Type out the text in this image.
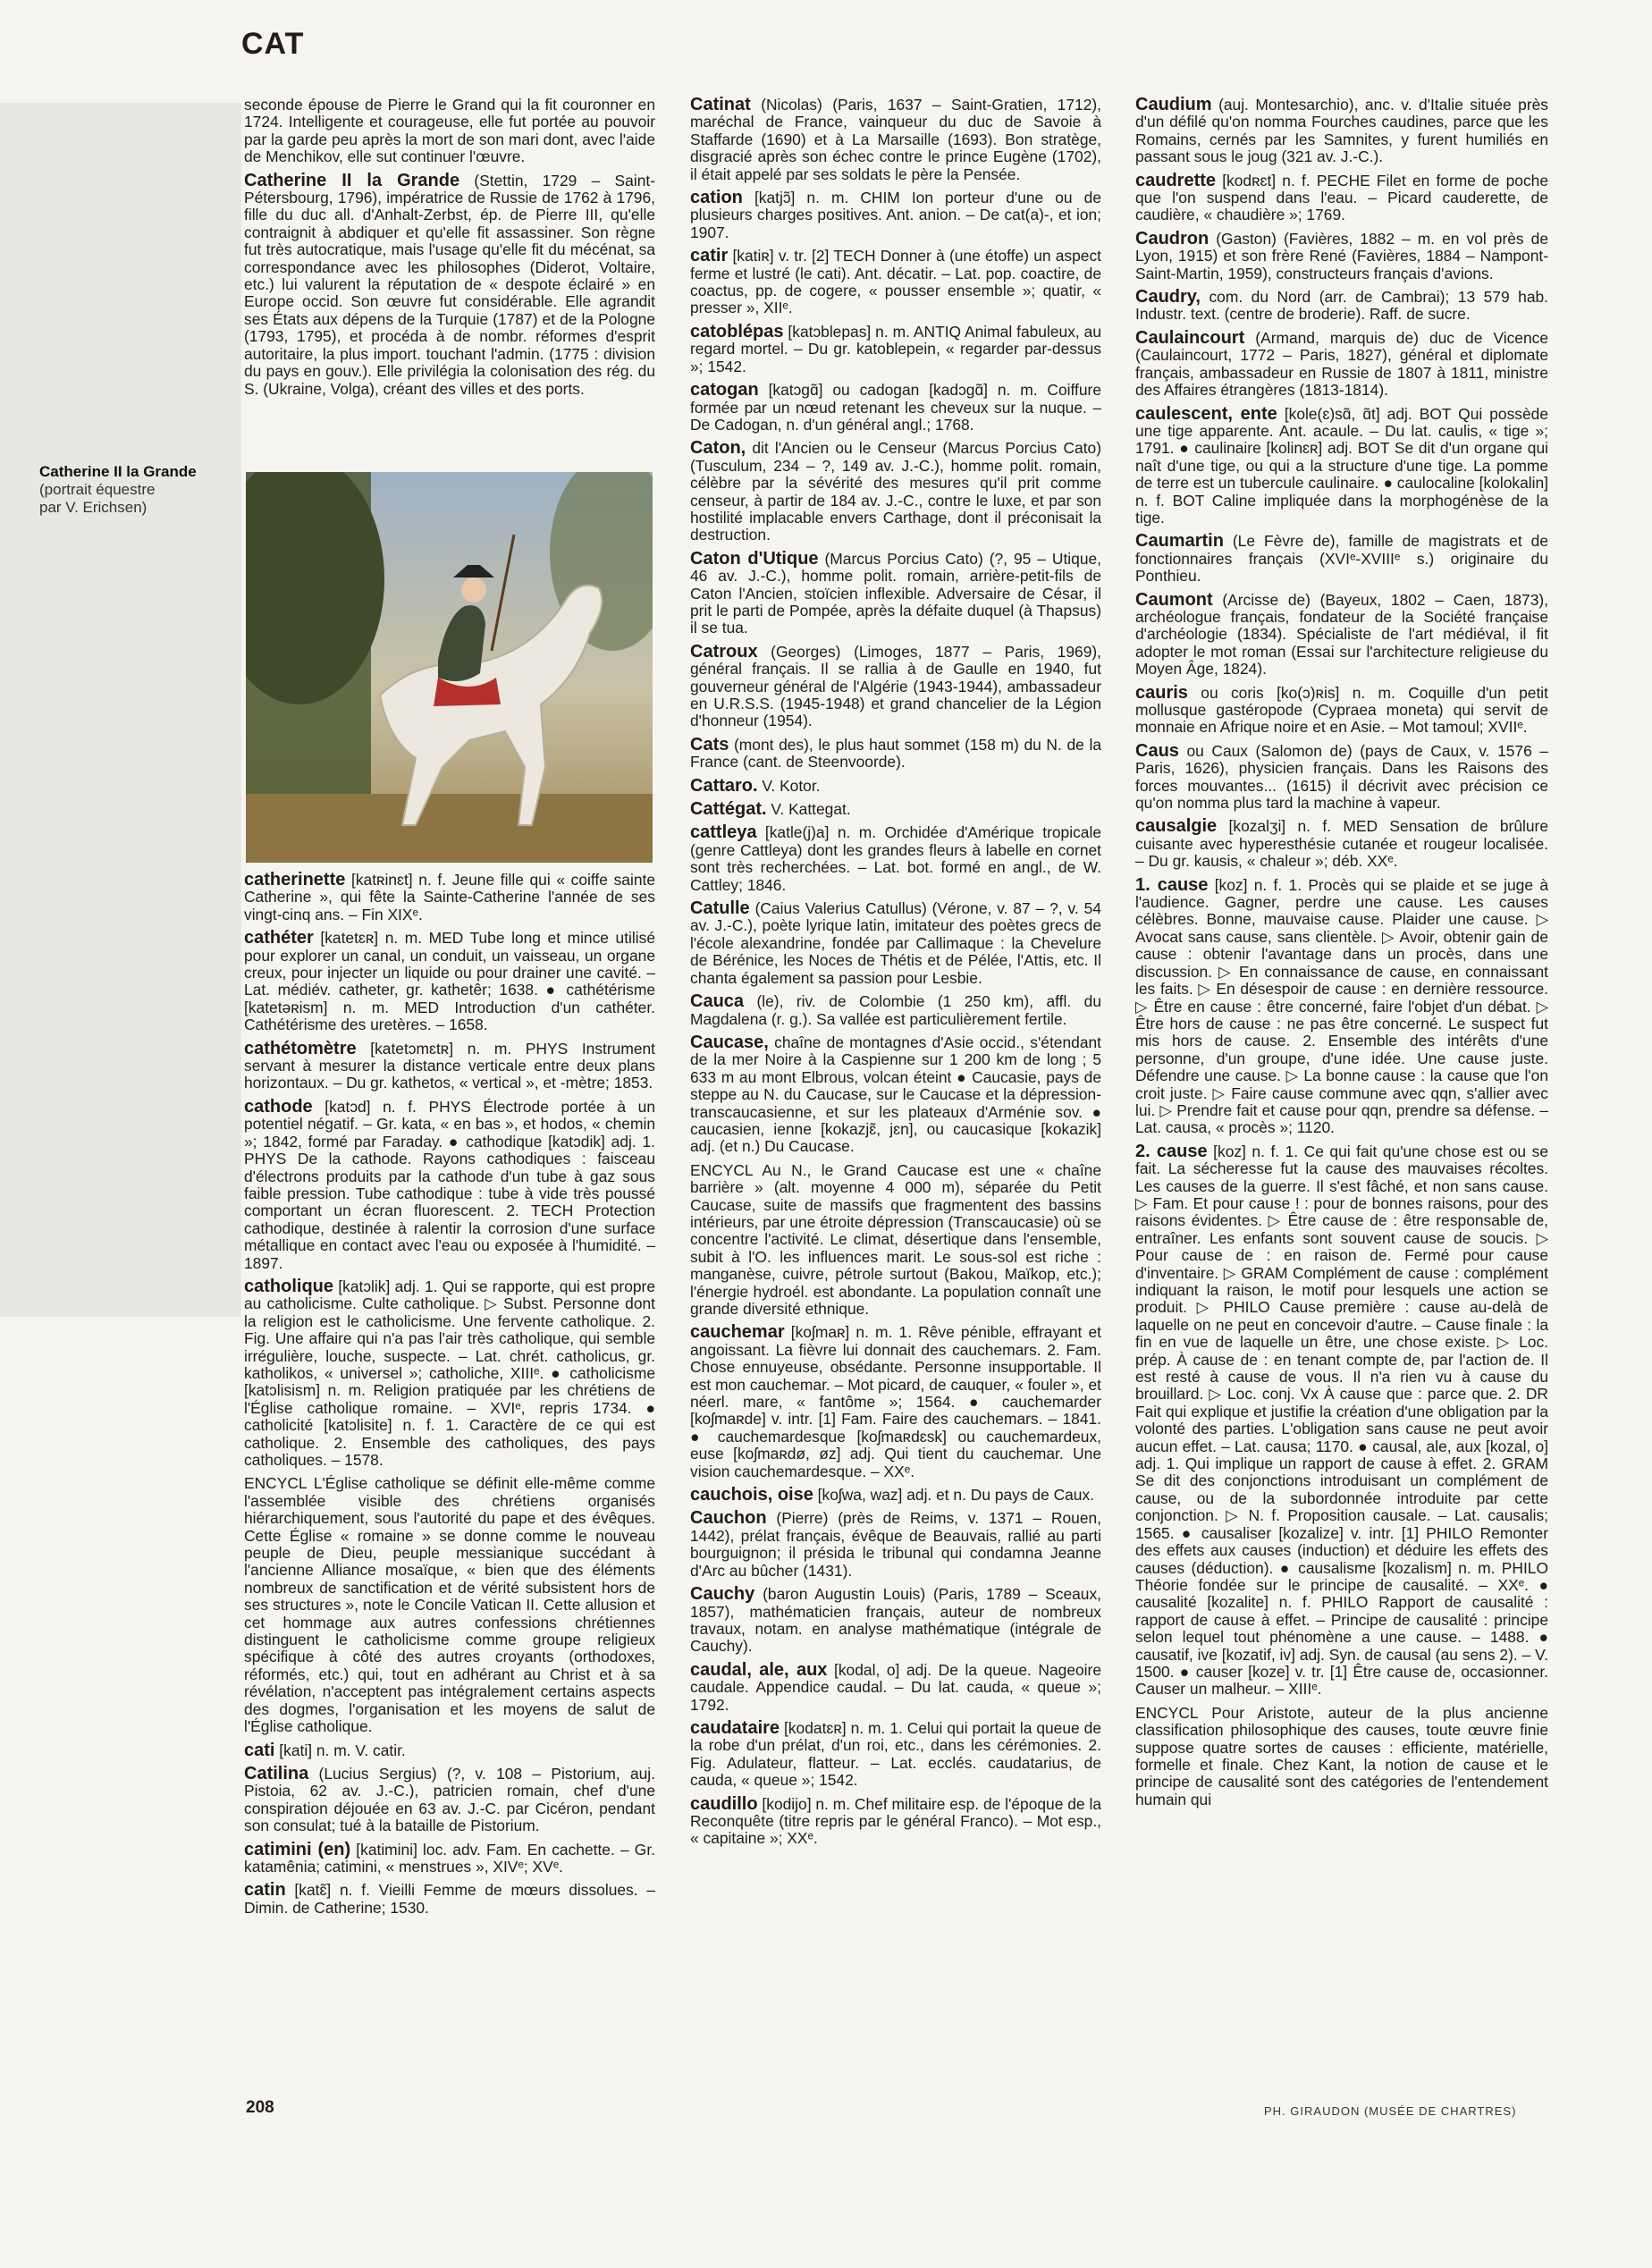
CAT
Catherine II la Grande
(portrait équestre
par V. Erichsen)

seconde épouse de Pierre le Grand qui la fit couronner en 1724. Intelligente et courageuse, elle fut portée au pouvoir par la garde peu après la mort de son mari dont, avec l'aide de Menchikov, elle sut continuer l'œuvre.

Catherine II la Grande (Stettin, 1729 – Saint-Pétersbourg, 1796), impératrice de Russie de 1762 à 1796, fille du duc all. d'Anhalt-Zerbst, ép. de Pierre III, qu'elle contraignit à abdiquer et qu'elle fit assassiner. Son règne fut très autocratique, mais l'usage qu'elle fit du mécénat, sa correspondance avec les philosophes (Diderot, Voltaire, etc.) lui valurent la réputation de « despote éclairé » en Europe occid. Son œuvre fut considérable. Elle agrandit ses États aux dépens de la Turquie (1787) et de la Pologne (1793, 1795), et procéda à de nombr. réformes d'esprit autoritaire, la plus import. touchant l'admin. (1775 : division du pays en gouv.). Elle privilégia la colonisation des rég. du S. (Ukraine, Volga), créant des villes et des ports.

catherinette [katʀinɛt] n. f. Jeune fille qui « coiffe sainte Catherine », qui fête la Sainte-Catherine l'année de ses vingt-cinq ans. – Fin XIXᵉ.

cathéter [katetɛʀ] n. m. MED Tube long et mince utilisé pour explorer un canal, un conduit, un vaisseau, un organe creux, pour injecter un liquide ou pour drainer une cavité. – Lat. médiév. catheter, gr. kathetêr; 1638. ● cathétérisme [katetəʀism] n. m. MED Introduction d'un cathéter. Cathétérisme des uretères. – 1658.

cathétomètre [katetɔmɛtʀ] n. m. PHYS Instrument servant à mesurer la distance verticale entre deux plans horizontaux. – Du gr. kathetos, « vertical », et -mètre; 1853.

cathode [katɔd] n. f. PHYS Électrode portée à un potentiel négatif. – Gr. kata, « en bas », et hodos, « chemin »; 1842, formé par Faraday. ● cathodique [katɔdik] adj. 1. PHYS De la cathode. Rayons cathodiques : faisceau d'électrons produits par la cathode d'un tube à gaz sous faible pression. Tube cathodique : tube à vide très poussé comportant un écran fluorescent. 2. TECH Protection cathodique, destinée à ralentir la corrosion d'une surface métallique en contact avec l'eau ou exposée à l'humidité. – 1897.

catholique [katɔlik] adj. 1. Qui se rapporte, qui est propre au catholicisme. Culte catholique. ▷ Subst. Personne dont la religion est le catholicisme. Une fervente catholique. 2. Fig. Une affaire qui n'a pas l'air très catholique, qui semble irrégulière, louche, suspecte. – Lat. chrét. catholicus, gr. katholikos, « universel »; catholiche, XIIIᵉ. ● catholicisme [katɔlisism] n. m. Religion pratiquée par les chrétiens de l'Église catholique romaine. – XVIᵉ, repris 1734. ● catholicité [katɔlisite] n. f. 1. Caractère de ce qui est catholique. 2. Ensemble des catholiques, des pays catholiques. – 1578.

ENCYCL L'Église catholique se définit elle-même comme l'assemblée visible des chrétiens organisés hiérarchiquement, sous l'autorité du pape et des évêques. Cette Église « romaine » se donne comme le nouveau peuple de Dieu, peuple messianique succédant à l'ancienne Alliance mosaïque, « bien que des éléments nombreux de sanctification et de vérité subsistent hors de ses structures », note le Concile Vatican II. Cette allusion et cet hommage aux autres confessions chrétiennes distinguent le catholicisme comme groupe religieux spécifique à côté des autres croyants (orthodoxes, réformés, etc.) qui, tout en adhérant au Christ et à sa révélation, n'acceptent pas intégralement certains aspects des dogmes, l'organisation et les moyens de salut de l'Église catholique.

cati [kati] n. m. V. catir.

Catilina (Lucius Sergius) (?, v. 108 – Pistorium, auj. Pistoia, 62 av. J.-C.), patricien romain, chef d'une conspiration déjouée en 63 av. J.-C. par Cicéron, pendant son consulat; tué à la bataille de Pistorium.

catimini (en) [katimini] loc. adv. Fam. En cachette. – Gr. katamênia; catimini, « menstrues », XIVᵉ; XVᵉ.

catin [katɛ̃] n. f. Vieilli Femme de mœurs dissolues. – Dimin. de Catherine; 1530.

Catinat (Nicolas) (Paris, 1637 – Saint-Gratien, 1712), maréchal de France, vainqueur du duc de Savoie à Staffarde (1690) et à La Marsaille (1693). Bon stratège, disgracié après son échec contre le prince Eugène (1702), il était appelé par ses soldats le père la Pensée.

cation [katjɔ̃] n. m. CHIM Ion porteur d'une ou de plusieurs charges positives. Ant. anion. – De cat(a)-, et ion; 1907.

catir [katiʀ] v. tr. [2] TECH Donner à (une étoffe) un aspect ferme et lustré (le cati). Ant. décatir. – Lat. pop. coactire, de coactus, pp. de cogere, « pousser ensemble »; quatir, « presser », XIIᵉ.

catoblépas [katɔblepas] n. m. ANTIQ Animal fabuleux, au regard mortel. – Du gr. katoblepein, « regarder par-dessus »; 1542.

catogan [katɔgɑ̃] ou cadogan [kadɔgɑ̃] n. m. Coiffure formée par un nœud retenant les cheveux sur la nuque. – De Cadogan, n. d'un général angl.; 1768.

Caton, dit l'Ancien ou le Censeur (Marcus Porcius Cato) (Tusculum, 234 – ?, 149 av. J.-C.), homme polit. romain, célèbre par la sévérité des mesures qu'il prit comme censeur, à partir de 184 av. J.-C., contre le luxe, et par son hostilité implacable envers Carthage, dont il préconisait la destruction.

Caton d'Utique (Marcus Porcius Cato) (?, 95 – Utique, 46 av. J.-C.), homme polit. romain, arrière-petit-fils de Caton l'Ancien, stoïcien inflexible. Adversaire de César, il prit le parti de Pompée, après la défaite duquel (à Thapsus) il se tua.

Catroux (Georges) (Limoges, 1877 – Paris, 1969), général français. Il se rallia à de Gaulle en 1940, fut gouverneur général de l'Algérie (1943-1944), ambassadeur en U.R.S.S. (1945-1948) et grand chancelier de la Légion d'honneur (1954).

Cats (mont des), le plus haut sommet (158 m) du N. de la France (cant. de Steenvoorde).

Cattaro. V. Kotor.

Cattégat. V. Kattegat.

cattleya [katle(j)a] n. m. Orchidée d'Amérique tropicale (genre Cattleya) dont les grandes fleurs à labelle en cornet sont très recherchées. – Lat. bot. formé en angl., de W. Cattley; 1846.

Catulle (Caius Valerius Catullus) (Vérone, v. 87 – ?, v. 54 av. J.-C.), poète lyrique latin, imitateur des poètes grecs de l'école alexandrine, fondée par Callimaque : la Chevelure de Bérénice, les Noces de Thétis et de Pélée, l'Attis, etc. Il chanta également sa passion pour Lesbie.

Cauca (le), riv. de Colombie (1 250 km), affl. du Magdalena (r. g.). Sa vallée est particulièrement fertile.

Caucase, chaîne de montagnes d'Asie occid., s'étendant de la mer Noire à la Caspienne sur 1 200 km de long ; 5 633 m au mont Elbrous, volcan éteint ● Caucasie, pays de steppe au N. du Caucase, sur le Caucase et la dépression-transcaucasienne, et sur les plateaux d'Arménie sov. ● caucasien, ienne [kokazjɛ̃, jɛn], ou caucasique [kokazik] adj. (et n.) Du Caucase.

ENCYCL Au N., le Grand Caucase est une « chaîne barrière » (alt. moyenne 4 000 m), séparée du Petit Caucase, suite de massifs que fragmentent des bassins intérieurs, par une étroite dépression (Transcaucasie) où se concentre l'activité. Le climat, désertique dans l'ensemble, subit à l'O. les influences marit. Le sous-sol est riche : manganèse, cuivre, pétrole surtout (Bakou, Maïkop, etc.); l'énergie hydroél. est abondante. La population connaît une grande diversité ethnique.

cauchemar [koʃmaʀ] n. m. 1. Rêve pénible, effrayant et angoissant. La fièvre lui donnait des cauchemars. 2. Fam. Chose ennuyeuse, obsédante. Personne insupportable. Il est mon cauchemar. – Mot picard, de cauquer, « fouler », et néerl. mare, « fantôme »; 1564. ● cauchemarder [koʃmaʀde] v. intr. [1] Fam. Faire des cauchemars. – 1841. ● cauchemardesque [koʃmaʀdɛsk] ou cauchemardeux, euse [koʃmaʀdø, øz] adj. Qui tient du cauchemar. Une vision cauchemardesque. – XXᵉ.

cauchois, oise [koʃwa, waz] adj. et n. Du pays de Caux.

Cauchon (Pierre) (près de Reims, v. 1371 – Rouen, 1442), prélat français, évêque de Beauvais, rallié au parti bourguignon; il présida le tribunal qui condamna Jeanne d'Arc au bûcher (1431).

Cauchy (baron Augustin Louis) (Paris, 1789 – Sceaux, 1857), mathématicien français, auteur de nombreux travaux, notam. en analyse mathématique (intégrale de Cauchy).

caudal, ale, aux [kodal, o] adj. De la queue. Nageoire caudale. Appendice caudal. – Du lat. cauda, « queue »; 1792.

caudataire [kodatɛʀ] n. m. 1. Celui qui portait la queue de la robe d'un prélat, d'un roi, etc., dans les cérémonies. 2. Fig. Adulateur, flatteur. – Lat. ecclés. caudatarius, de cauda, « queue »; 1542.

caudillo [kodijo] n. m. Chef militaire esp. de l'époque de la Reconquête (titre repris par le général Franco). – Mot esp., « capitaine »; XXᵉ.

Caudium (auj. Montesarchio), anc. v. d'Italie située près d'un défilé qu'on nomma Fourches caudines, parce que les Romains, cernés par les Samnites, y furent humiliés en passant sous le joug (321 av. J.-C.).

caudrette [kodʀɛt] n. f. PECHE Filet en forme de poche que l'on suspend dans l'eau. – Picard cauderette, de caudière, « chaudière »; 1769.

Caudron (Gaston) (Favières, 1882 – m. en vol près de Lyon, 1915) et son frère René (Favières, 1884 – Nampont-Saint-Martin, 1959), constructeurs français d'avions.

Caudry, com. du Nord (arr. de Cambrai); 13 579 hab. Industr. text. (centre de broderie). Raff. de sucre.

Caulaincourt (Armand, marquis de) duc de Vicence (Caulaincourt, 1772 – Paris, 1827), général et diplomate français, ambassadeur en Russie de 1807 à 1811, ministre des Affaires étrangères (1813-1814).

caulescent, ente [kole(ɛ)sɑ̃, ɑ̃t] adj. BOT Qui possède une tige apparente. Ant. acaule. – Du lat. caulis, « tige »; 1791. ● caulinaire [kolinɛʀ] adj. BOT Se dit d'un organe qui naît d'une tige, ou qui a la structure d'une tige. La pomme de terre est un tubercule caulinaire. ● caulocaline [kolokalin] n. f. BOT Caline impliquée dans la morphogénèse de la tige.

Caumartin (Le Fèvre de), famille de magistrats et de fonctionnaires français (XVIᵉ-XVIIIᵉ s.) originaire du Ponthieu.

Caumont (Arcisse de) (Bayeux, 1802 – Caen, 1873), archéologue français, fondateur de la Société française d'archéologie (1834). Spécialiste de l'art médiéval, il fit adopter le mot roman (Essai sur l'architecture religieuse du Moyen Âge, 1824).

cauris ou coris [ko(ɔ)ʀis] n. m. Coquille d'un petit mollusque gastéropode (Cypraea moneta) qui servit de monnaie en Afrique noire et en Asie. – Mot tamoul; XVIIᵉ.

Caus ou Caux (Salomon de) (pays de Caux, v. 1576 – Paris, 1626), physicien français. Dans les Raisons des forces mouvantes... (1615) il décrivit avec précision ce qu'on nomma plus tard la machine à vapeur.

causalgie [kozalʒi] n. f. MED Sensation de brûlure cuisante avec hyperesthésie cutanée et rougeur localisée. – Du gr. kausis, « chaleur »; déb. XXᵉ.

1. cause [koz] n. f. 1. Procès qui se plaide et se juge à l'audience. Gagner, perdre une cause. Les causes célèbres. Bonne, mauvaise cause. Plaider une cause. ▷ Avocat sans cause, sans clientèle. ▷ Avoir, obtenir gain de cause : obtenir l'avantage dans un procès, dans une discussion. ▷ En connaissance de cause, en connaissant les faits. ▷ En désespoir de cause : en dernière ressource. ▷ Être en cause : être concerné, faire l'objet d'un débat. ▷ Être hors de cause : ne pas être concerné. Le suspect fut mis hors de cause. 2. Ensemble des intérêts d'une personne, d'un groupe, d'une idée. Une cause juste. Défendre une cause. ▷ La bonne cause : la cause que l'on croit juste. ▷ Faire cause commune avec qqn, s'allier avec lui. ▷ Prendre fait et cause pour qqn, prendre sa défense. – Lat. causa, « procès »; 1120.

2. cause [koz] n. f. 1. Ce qui fait qu'une chose est ou se fait. La sécheresse fut la cause des mauvaises récoltes. Les causes de la guerre. Il s'est fâché, et non sans cause. ▷ Fam. Et pour cause ! : pour de bonnes raisons, pour des raisons évidentes. ▷ Être cause de : être responsable de, entraîner. Les enfants sont souvent cause de soucis. ▷ Pour cause de : en raison de. Fermé pour cause d'inventaire. ▷ GRAM Complément de cause : complément indiquant la raison, le motif pour lesquels une action se produit. ▷ PHILO Cause première : cause au-delà de laquelle on ne peut en concevoir d'autre. – Cause finale : la fin en vue de laquelle un être, une chose existe. ▷ Loc. prép. À cause de : en tenant compte de, par l'action de. Il est resté à cause de vous. Il n'a rien vu à cause du brouillard. ▷ Loc. conj. Vx À cause que : parce que. 2. DR Fait qui explique et justifie la création d'une obligation par la volonté des parties. L'obligation sans cause ne peut avoir aucun effet. – Lat. causa; 1170. ● causal, ale, aux [kozal, o] adj. 1. Qui implique un rapport de cause à effet. 2. GRAM Se dit des conjonctions introduisant un complément de cause, ou de la subordonnée introduite par cette conjonction. ▷ N. f. Proposition causale. – Lat. causalis; 1565. ● causaliser [kozalize] v. intr. [1] PHILO Remonter des effets aux causes (induction) et déduire les effets des causes (déduction). ● causalisme [kozalism] n. m. PHILO Théorie fondée sur le principe de causalité. – XXᵉ. ● causalité [kozalite] n. f. PHILO Rapport de causalité : rapport de cause à effet. – Principe de causalité : principe selon lequel tout phénomène a une cause. – 1488. ● causatif, ive [kozatif, iv] adj. Syn. de causal (au sens 2). – V. 1500. ● causer [koze] v. tr. [1] Être cause de, occasionner. Causer un malheur. – XIIIᵉ.

ENCYCL Pour Aristote, auteur de la plus ancienne classification philosophique des causes, toute œuvre finie suppose quatre sortes de causes : efficiente, matérielle, formelle et finale. Chez Kant, la notion de cause et le principe de causalité sont des catégories de l'entendement humain qui

208	PH. GIRAUDON (MUSÉE DE CHARTRES)
